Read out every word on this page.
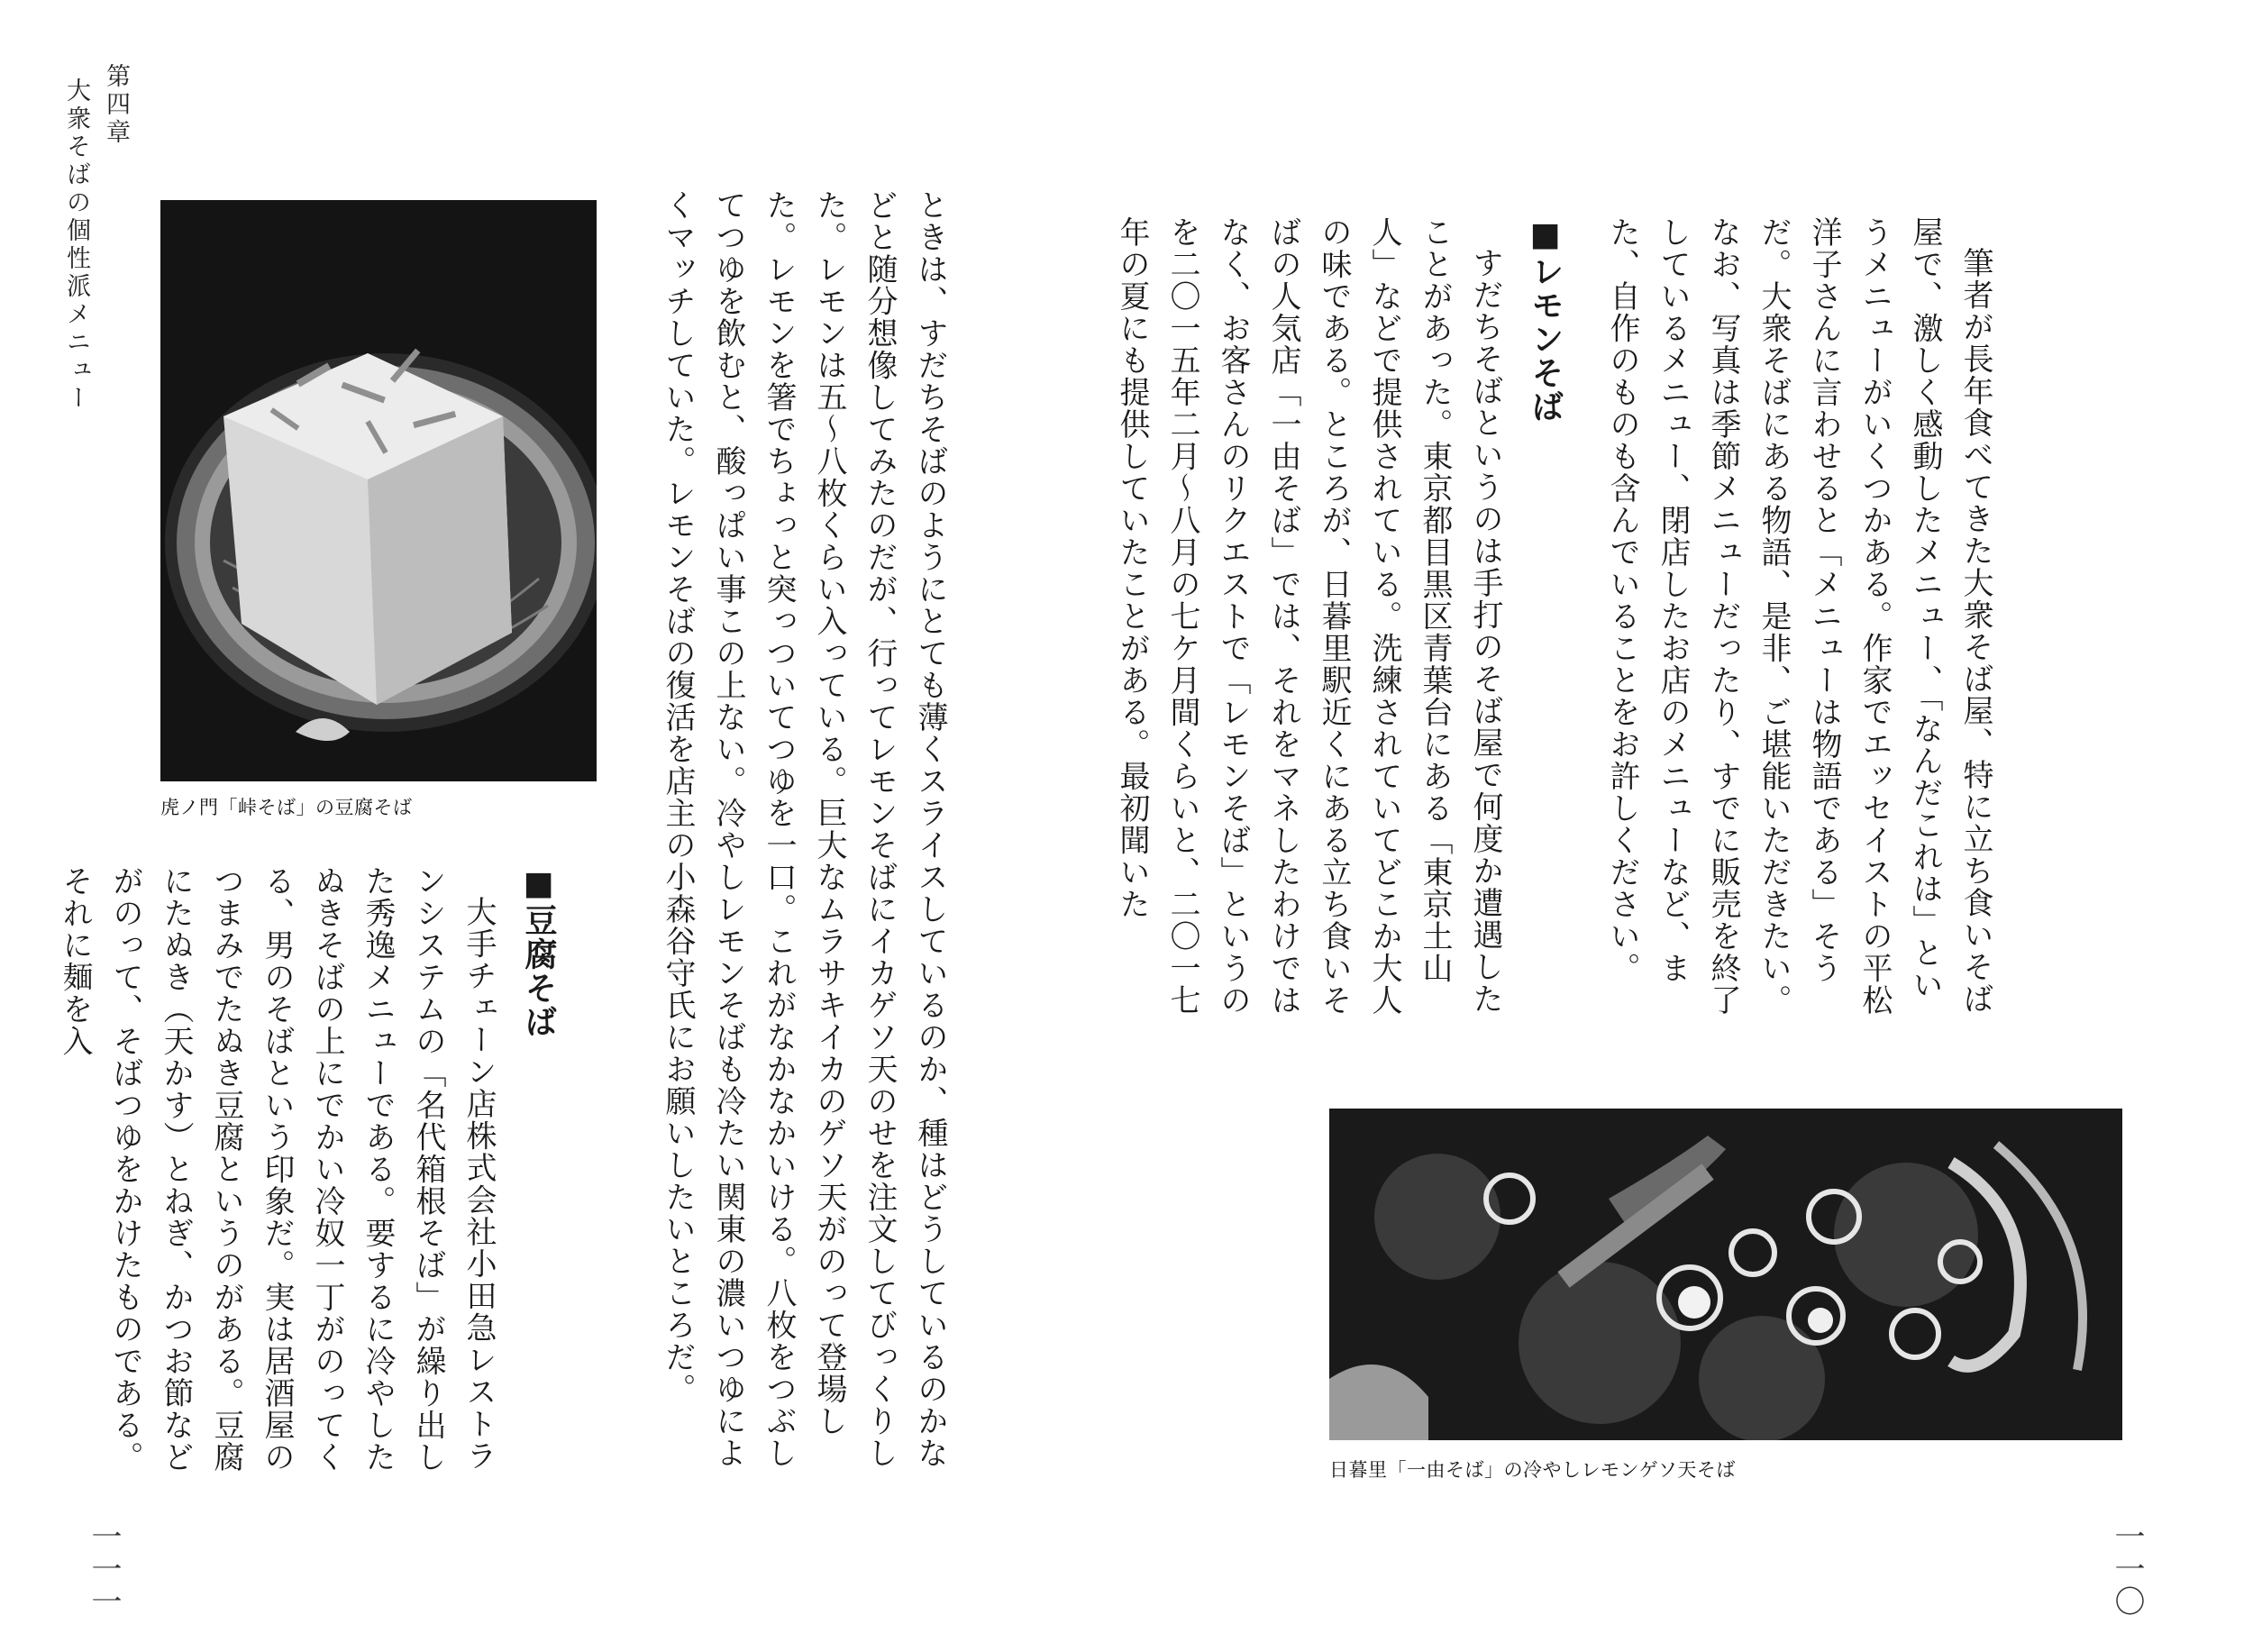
第四章
大衆そばの個性派メニュー
虎ノ門「峠そば」の豆腐そば	ときは、すだちそばのようにとても薄くスライスしているのか、種はどうしているのかなどと随分想像してみたのだが、行ってレモンそばにイカゲソ天のせを注文してびっくりした。レモンは五〜八枚くらい入っている。巨大なムラサキイカのゲソ天がのって登場した。レモンを箸でちょっと突っついてつゆを一口。これがなかなかいける。八枚をつぶしてつゆを飲むと、酸っぱい事この上ない。冷やしレモンそばも冷たい関東の濃いつゆによくマッチしていた。レモンそばの復活を店主の小森谷守氏にお願いしたいところだ。

■豆腐そば

大手チェーン店株式会社小田急レストランシステムの「名代箱根そば」が繰り出した秀逸メニューである。要するに冷やしたぬきそばの上にでかい冷奴一丁がのってくる、男のそばという印象だ。実は居酒屋のつまみでたぬき豆腐というのがある。豆腐にたぬき（天かす）とねぎ、かつお節などがのって、そばつゆをかけたものである。それに麺を入

一一一

筆者が長年食べてきた大衆そば屋、特に立ち食いそば屋で、激しく感動したメニュー、「なんだこれは」というメニューがいくつかある。作家でエッセイストの平松洋子さんに言わせると「メニューは物語である」そうだ。大衆そばにある物語、是非、ご堪能いただきたい。なお、写真は季節メニューだったり、すでに販売を終了しているメニュー、閉店したお店のメニューなど、また、自作のものも含んでいることをお許しください。

■レモンそば

すだちそばというのは手打のそば屋で何度か遭遇したことがあった。東京都目黒区青葉台にある「東京土山人」などで提供されている。洗練されていてどこか大人の味である。ところが、日暮里駅近くにある立ち食いそばの人気店「一由そば」では、それをマネしたわけではなく、お客さんのリクエストで「レモンそば」というのを二〇一五年二月〜八月の七ケ月間くらいと、二〇一七年の夏にも提供していたことがある。最初聞いた

日暮里「一由そば」の冷やしレモンゲソ天そば
一一〇
